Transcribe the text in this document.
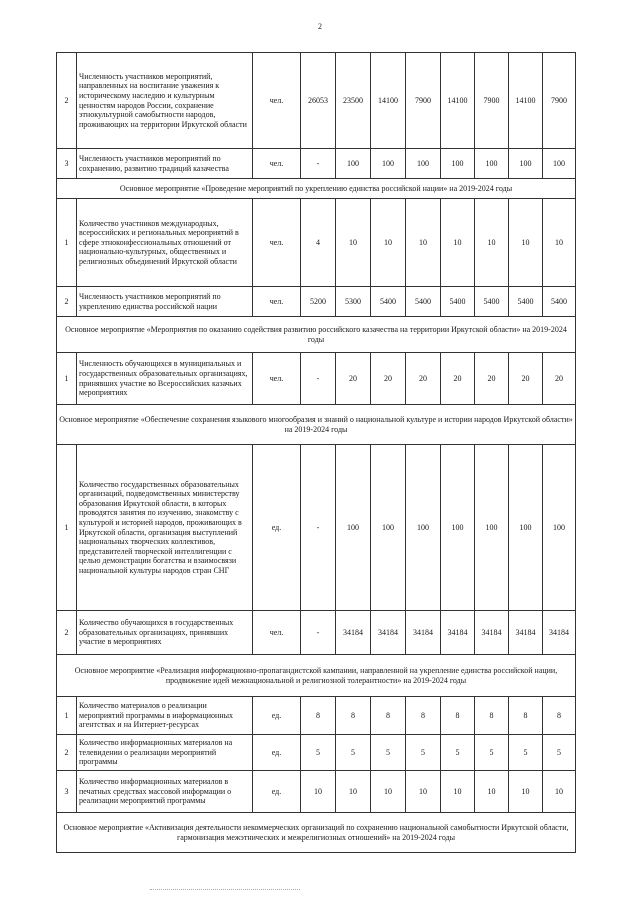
2
2	Численность участников мероприятий, направленных на воспитание уважения к историческому наследию и культурным ценностям народов России, сохранение этнокультурной самобытности народов, проживающих на территории Иркутской области	чел.	26053	23500	14100	7900	14100	7900	14100	7900
3	Численность участников мероприятий по сохранению, развитию традиций казачества	чел.	-	100	100	100	100	100	100	100
Основное мероприятие «Проведение мероприятий по укреплению единства российской нации» на 2019-2024 годы										
1	Количество участников международных, всероссийских и региональных мероприятий в сфере этноконфессиональных отношений от национально-культурных, общественных и религиозных объединений Иркутской области	чел.	4	10	10	10	10	10	10	10
2	Численность участников мероприятий по укреплению единства российской нации	чел.	5200	5300	5400	5400	5400	5400	5400	5400
Основное мероприятие «Мероприятия по оказанию содействия развитию российского казачества на территории Иркутской области» на 2019-2024 годы										
1	Численность обучающихся в муниципальных и государственных образовательных организациях, принявших участие во Всероссийских казачьих мероприятиях	чел.	-	20	20	20	20	20	20	20
Основное мероприятие «Обеспечение сохранения языкового многообразия и знаний о национальной культуре и истории народов Иркутской области» на 2019-2024 годы										
1	Количество государственных образовательных организаций, подведомственных министерству образования Иркутской области, в которых проводятся занятия по изучению, знакомству с культурой и историей народов, проживающих в Иркутской области, организация выступлений национальных творческих коллективов, представителей творческой интеллигенции с целью демонстрации богатства и взаимосвязи национальной культуры народов стран СНГ	ед.	-	100	100	100	100	100	100	100
2	Количество обучающихся в государственных образовательных организациях, принявших участие в мероприятиях	чел.	-	34184	34184	34184	34184	34184	34184	34184
Основное мероприятие «Реализация информационно-пропагандистской кампании, направленной на укрепление единства российской нации, продвижение идей межнациональной и религиозной толерантности» на 2019-2024 годы										
1	Количество материалов о реализации мероприятий программы в информационных агентствах и на Интернет-ресурсах	ед.	8	8	8	8	8	8	8	8
2	Количество информационных материалов на телевидении о реализации мероприятий программы	ед.	5	5	5	5	5	5	5	5
3	Количество информационных материалов в печатных средствах массовой информации о реализации мероприятий программы	ед.	10	10	10	10	10	10	10	10
Основное мероприятие «Активизация деятельности некоммерческих организаций по сохранению национальной самобытности Иркутской области, гармонизация межэтнических и межрелигиозных отношений» на 2019-2024 годы										
